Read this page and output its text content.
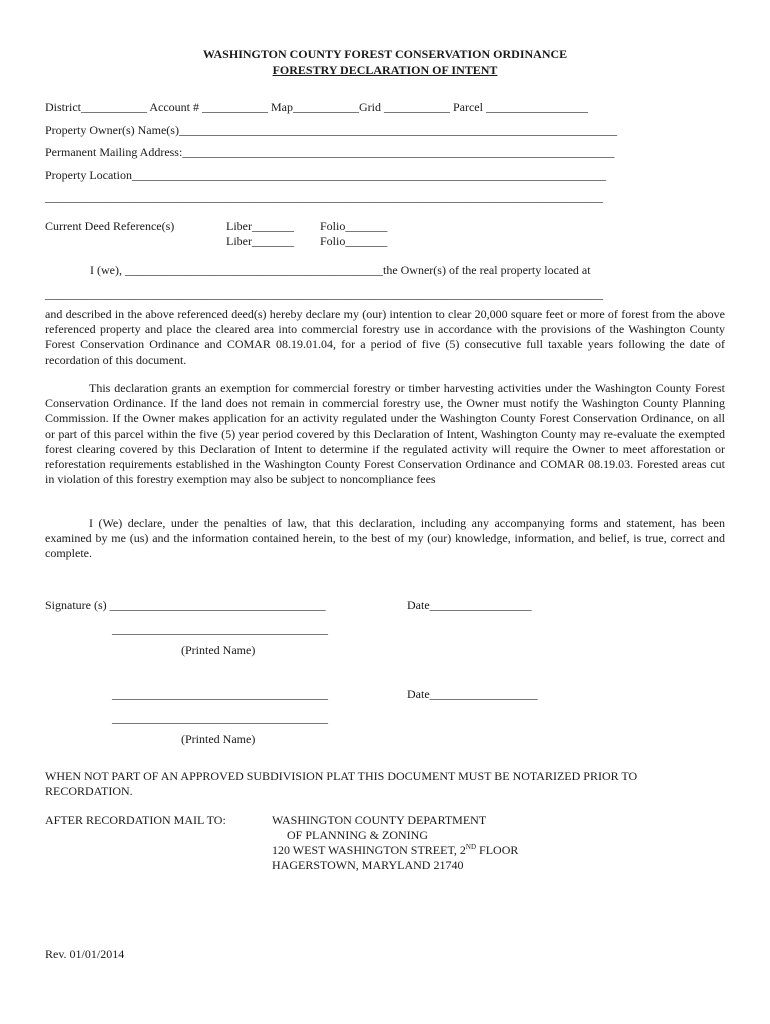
WASHINGTON COUNTY FOREST CONSERVATION ORDINANCE
FORESTRY DECLARATION OF INTENT
District___________ Account # ___________ Map___________Grid ___________ Parcel _________________
Property Owner(s) Name(s)_________________________________________________________________________
Permanent Mailing Address:________________________________________________________________________
Property Location_______________________________________________________________________________
_____________________________________________________________________________________________
Current Deed Reference(s)	Liber_______ Folio_______
Liber_______ Folio_______
I (we), ___________________________________________the Owner(s) of the real property located at
_____________________________________________________________________________________________
and described in the above referenced deed(s) hereby declare my (our) intention to clear 20,000 square feet or more of forest from the above referenced property and place the cleared area into commercial forestry use in accordance with the provisions of the Washington County Forest Conservation Ordinance and COMAR 08.19.01.04, for a period of five (5) consecutive full taxable years following the date of recordation of this document.
This declaration grants an exemption for commercial forestry or timber harvesting activities under the Washington County Forest Conservation Ordinance. If the land does not remain in commercial forestry use, the Owner must notify the Washington County Planning Commission. If the Owner makes application for an activity regulated under the Washington County Forest Conservation Ordinance, on all or part of this parcel within the five (5) year period covered by this Declaration of Intent, Washington County may re-evaluate the exempted forest clearing covered by this Declaration of Intent to determine if the regulated activity will require the Owner to meet afforestation or reforestation requirements established in the Washington County Forest Conservation Ordinance and COMAR 08.19.03. Forested areas cut in violation of this forestry exemption may also be subject to noncompliance fees
I (We) declare, under the penalties of law, that this declaration, including any accompanying forms and statement, has been examined by me (us) and the information contained herein, to the best of my (our) knowledge, information, and belief, is true, correct and complete.
Signature (s) ____________________________________	Date_________________
____________________________________
(Printed Name)
____________________________________	Date__________________
____________________________________
(Printed Name)
WHEN NOT PART OF AN APPROVED SUBDIVISION PLAT THIS DOCUMENT MUST BE NOTARIZED PRIOR TO
RECORDATION.
AFTER RECORDATION MAIL TO:	WASHINGTON COUNTY DEPARTMENT
OF PLANNING & ZONING
120 WEST WASHINGTON STREET, 2ND FLOOR
HAGERSTOWN, MARYLAND 21740
Rev. 01/01/2014
